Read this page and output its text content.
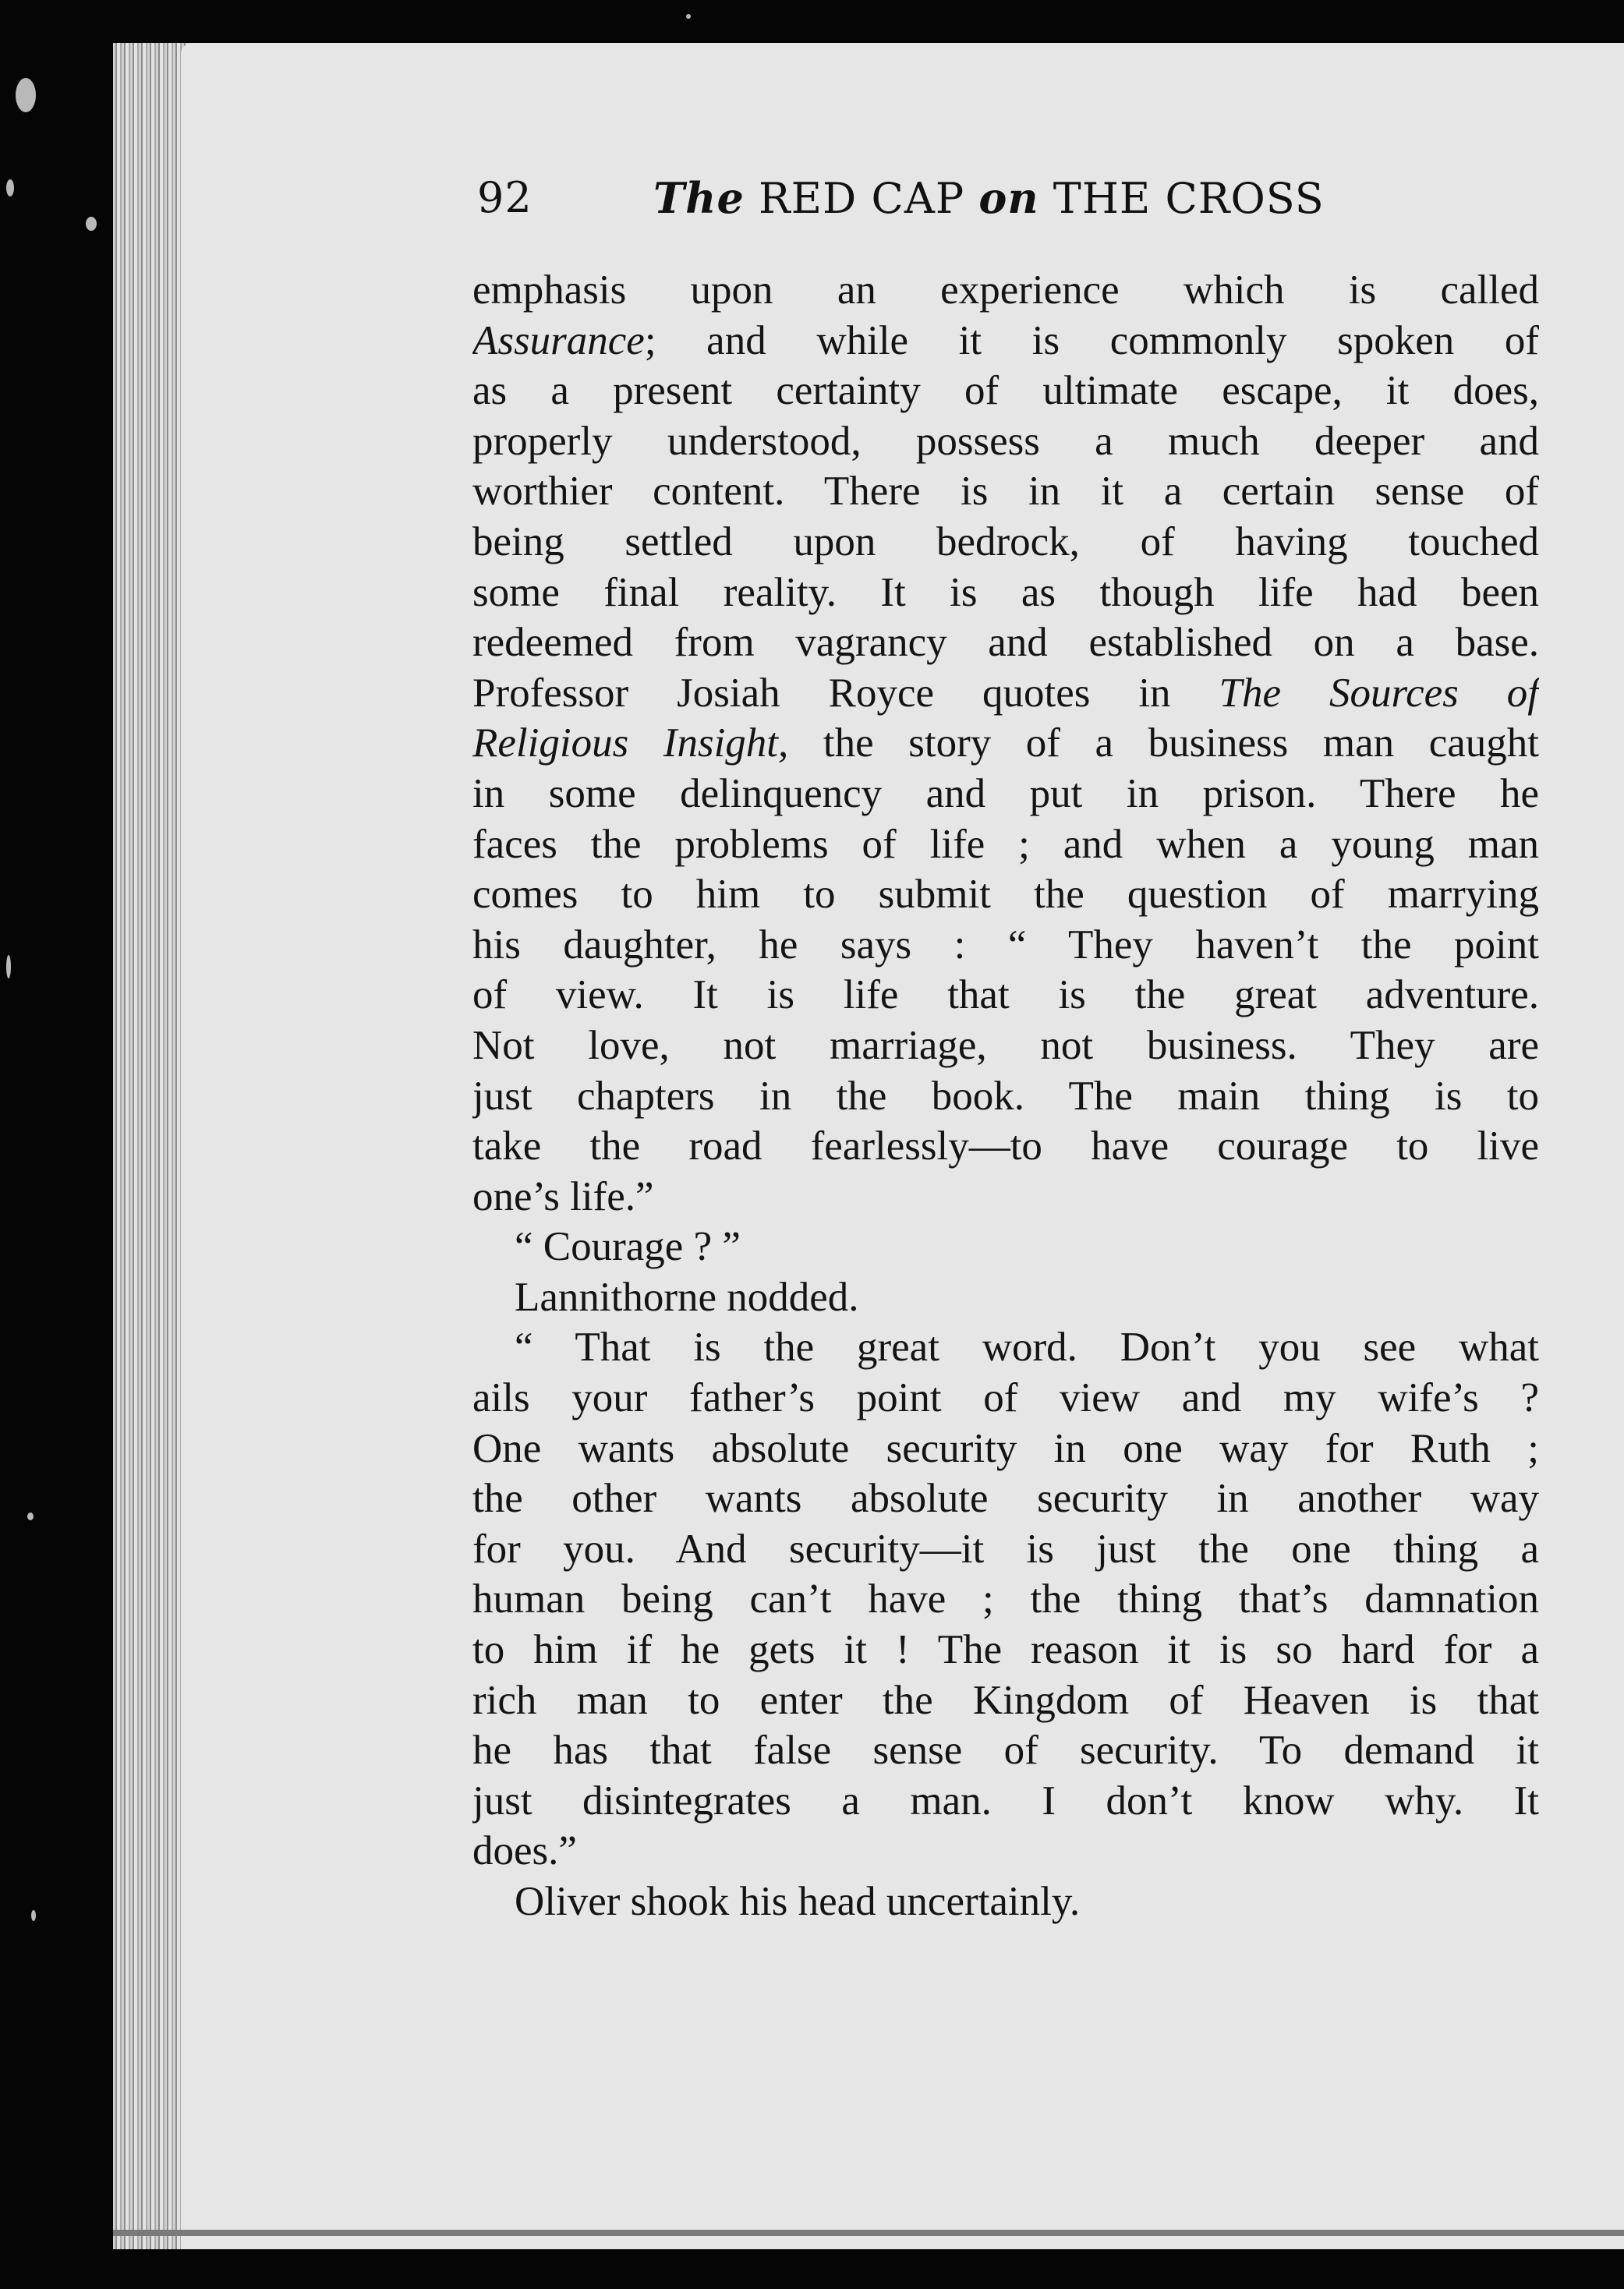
92	The RED CAP on THE CROSS
emphasis upon an experience which is called
Assurance; and while it is commonly spoken of
as a present certainty of ultimate escape, it does,
properly understood, possess a much deeper and
worthier content. There is in it a certain sense of
being settled upon bedrock, of having touched
some final reality. It is as though life had been
redeemed from vagrancy and established on a base.
Professor Josiah Royce quotes in The Sources of
Religious Insight, the story of a business man caught
in some delinquency and put in prison. There he
faces the problems of life ; and when a young man
comes to him to submit the question of marrying
his daughter, he says : “ They haven’t the point
of view. It is life that is the great adventure.
Not love, not marriage, not business. They are
just chapters in the book. The main thing is to
take the road fearlessly—to have courage to live
one’s life.”
“ Courage ? ”
Lannithorne nodded.
“ That is the great word. Don’t you see what
ails your father’s point of view and my wife’s ?
One wants absolute security in one way for Ruth ;
the other wants absolute security in another way
for you. And security—it is just the one thing a
human being can’t have ; the thing that’s damnation
to him if he gets it ! The reason it is so hard for a
rich man to enter the Kingdom of Heaven is that
he has that false sense of security. To demand it
just disintegrates a man. I don’t know why. It
does.”
Oliver shook his head uncertainly.
